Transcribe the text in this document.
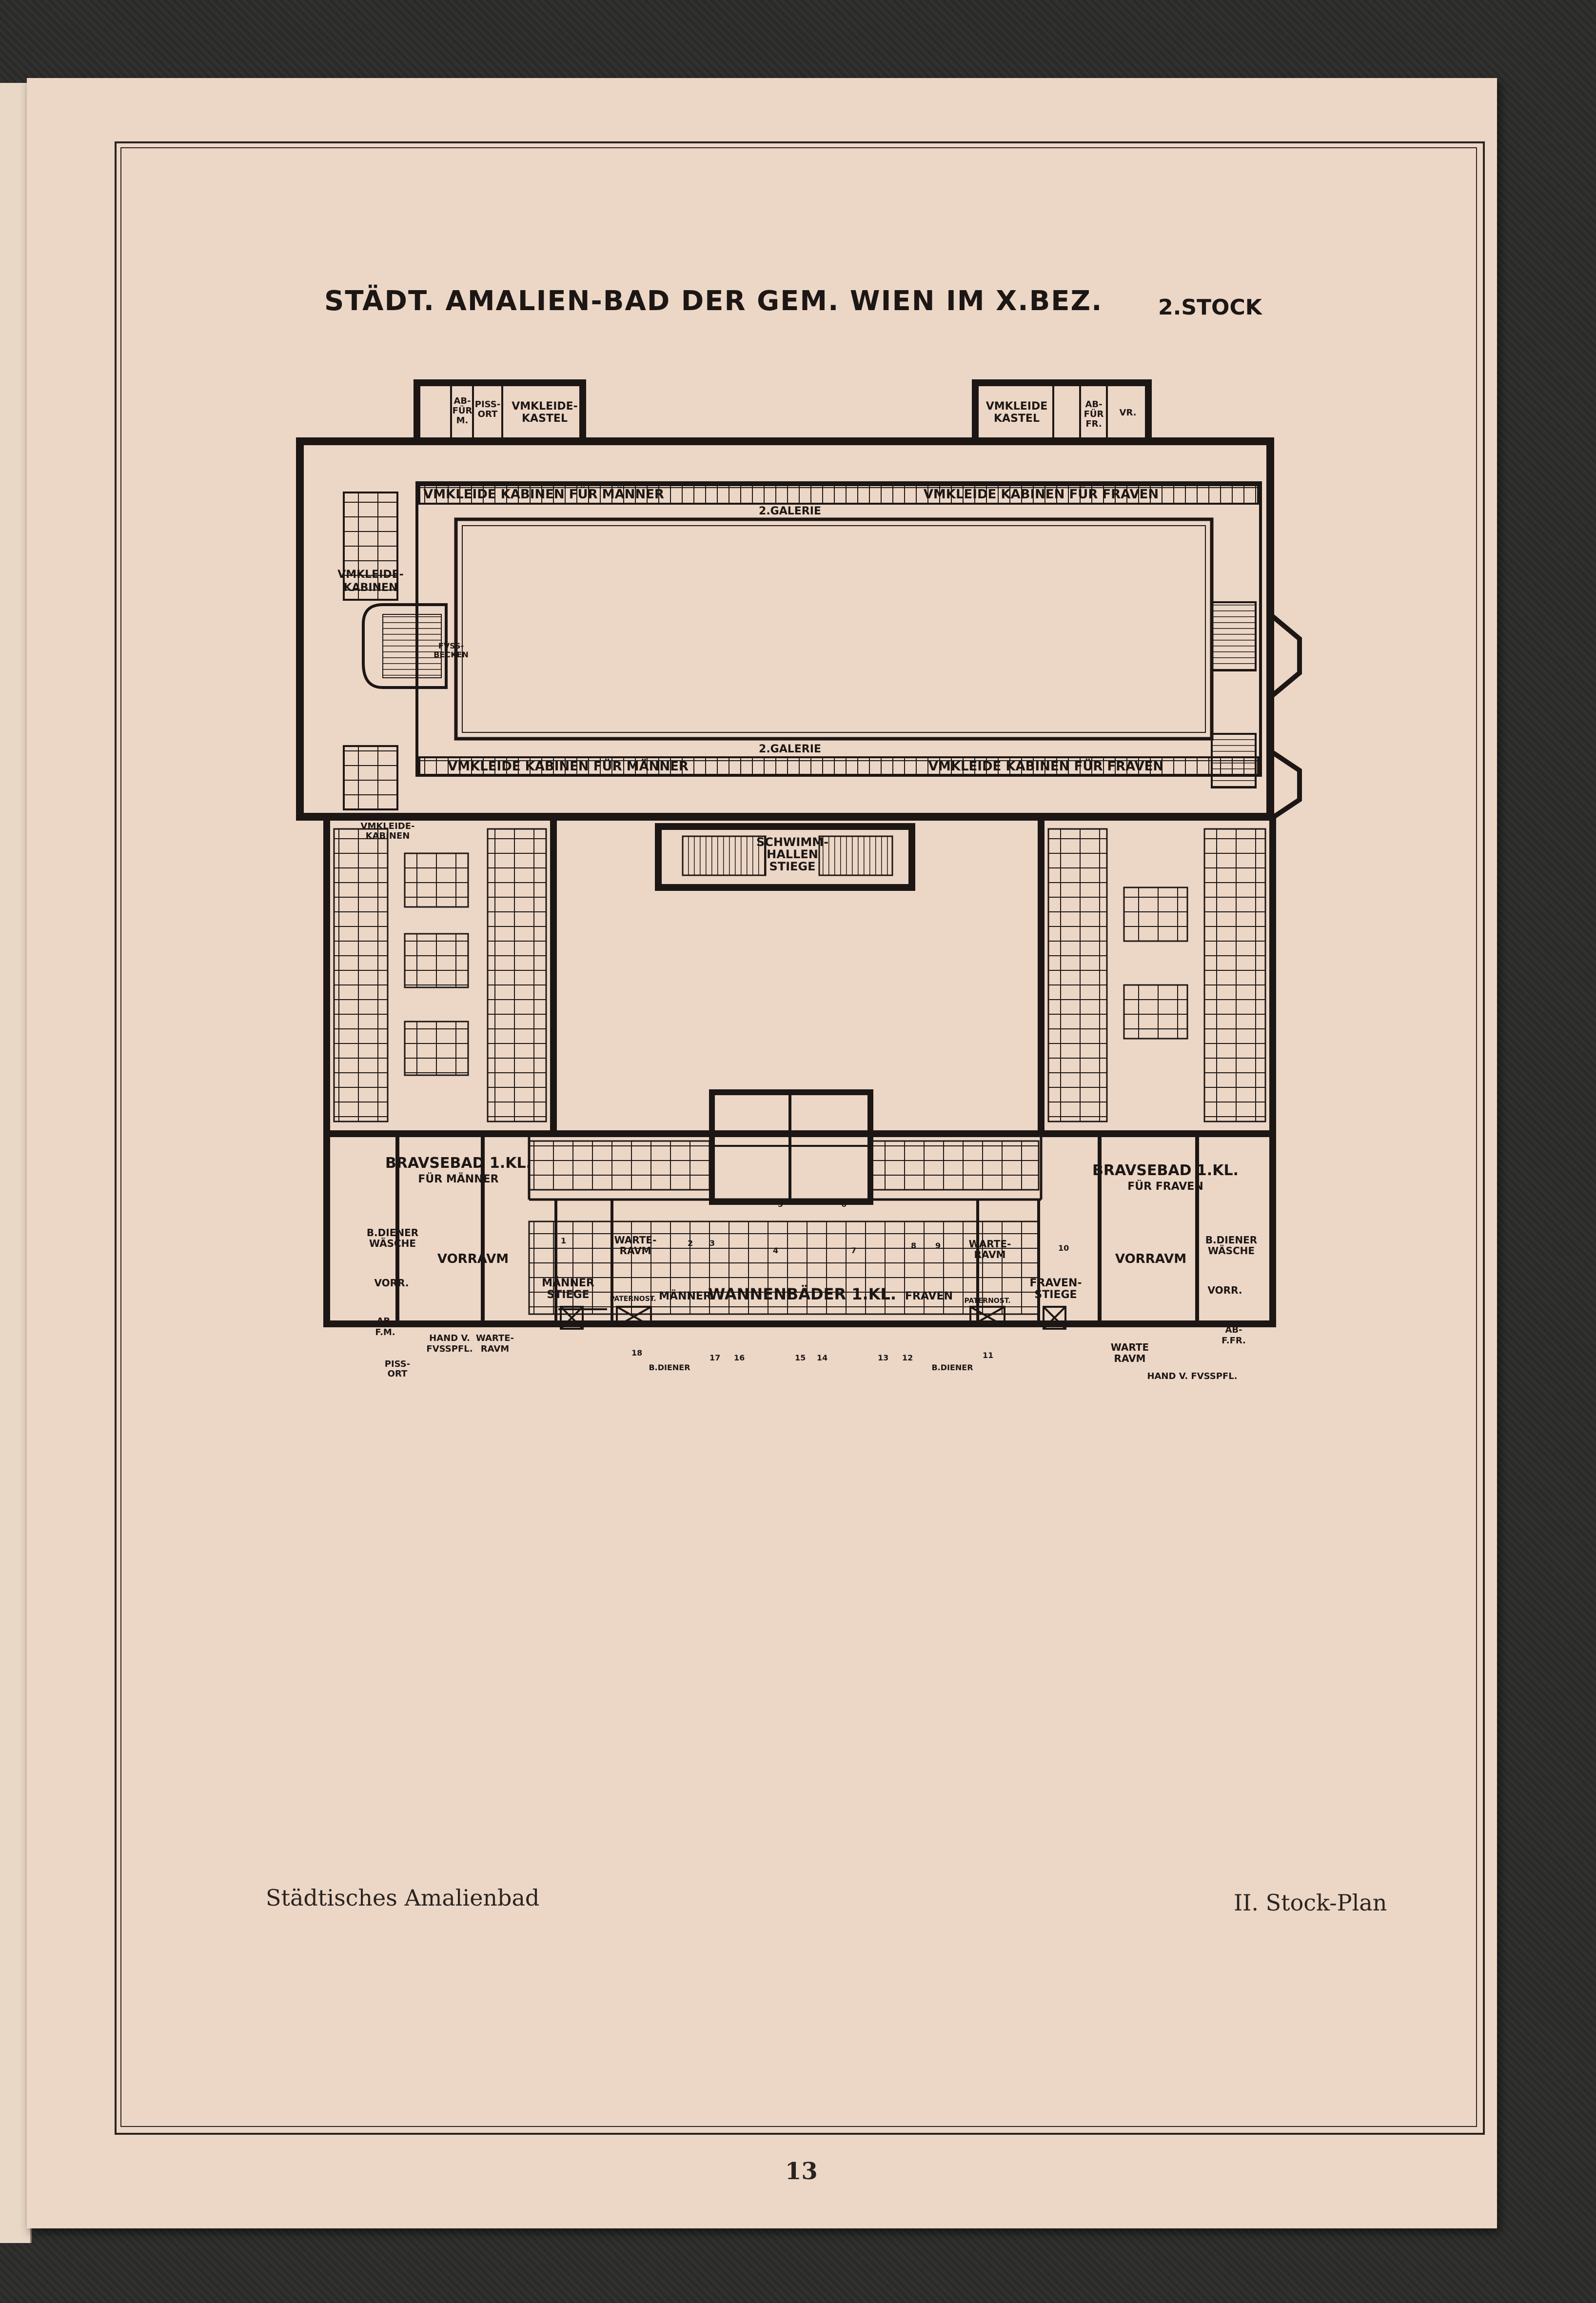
STÄDT. AMALIEN-BAD DER GEM. WIEN IM X.BEZ.	2.STOCK
2.GALERIE
2.GALERIE
VMKLEIDE KABINEN FÜR MÄNNER	VMKLEIDE KABINEN FÜR FRAVEN
VMKLEIDE KABINEN FÜR MÄNNER	VMKLEIDE KABINEN FÜR FRAVEN
VMKLEIDE-
KABINEN
VMKLEIDE-
KABINEN
FVSS-
BECKEN
VMKLEIDE-
KASTEL
VMKLEIDE
KASTEL
AB-
FÜR
M.
PISS-
ORT
AB-
FÜR
FR.
VR.
SCHWIMM-
HALLEN
STIEGE
BRAVSEBAD 1.KL.
FÜR MÄNNER
BRAVSEBAD 1.KL.
FÜR FRAVEN
B.DIENER
WÄSCHE	B.DIENER
WÄSCHE
VORRAVM	VORRAVM
VORR.
VORR.
AB-
F.M.	AB-
F.FR.
PISS-
ORT
HAND V.
FVSSPFL.
WARTE-
RAVM	WARTE
RAVM
HAND V. FVSSPFL.
MÄNNER
STIEGE
FRAVEN-
STIEGE
PATERNOST.	PATERNOST.
MÄNNER
WANNENBÄDER 1.KL. FRAVEN
WARTE-
RAVM
WARTE-
RAVM
B.DIENER	B.DIENER
1	2 3
4
5	6
7
8 9	10
11
12
13
14
15
16
17
18
Städtisches Amalienbad	II. Stock-Plan
13
